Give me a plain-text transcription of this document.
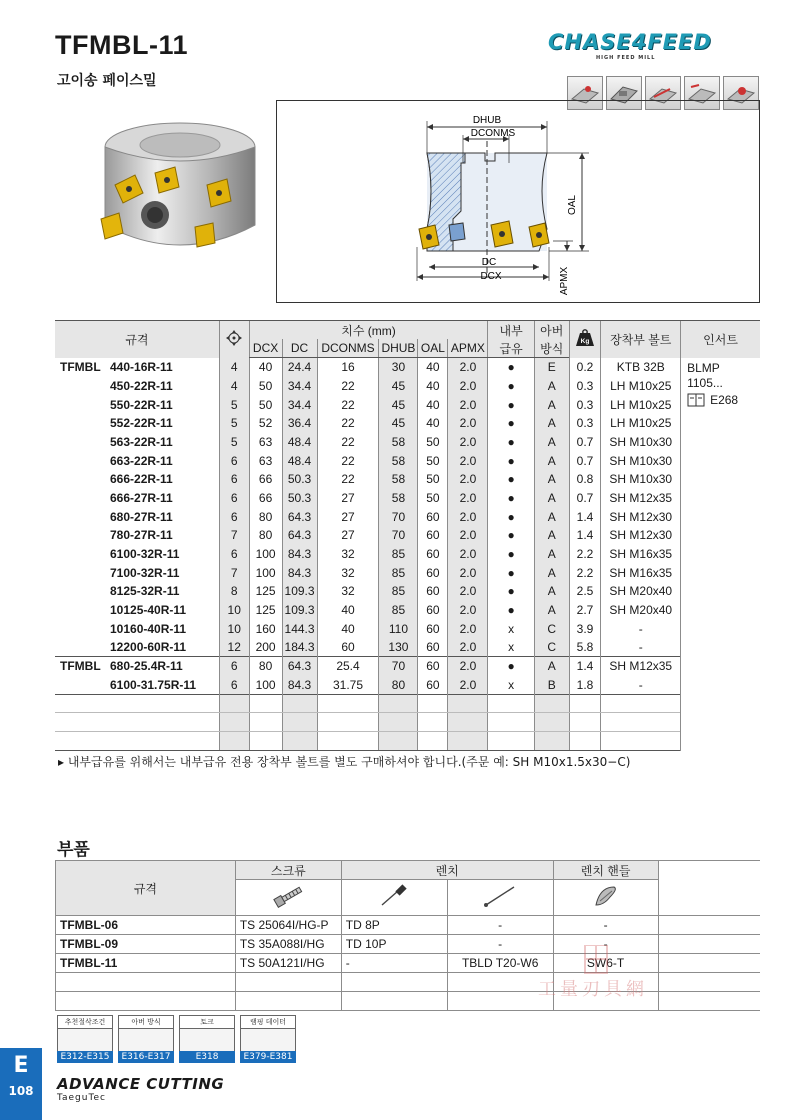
TFMBL-11
고이송 페이스밀
CHASE4FEED
HIGH FEED MILL
DHUB
DCONMS
OAL
DC
DCX	APMX
규격		치수 (mm)						내부	아버	Kg	장착부 볼트	인서트
		DCX	DC	DCONMS	DHUB	OAL	APMX	급유	방식			
TFMBL 440-16R-11	4	40	24.4	16	30	40	2.0	●	E	0.2	KTB 32B	BLMP
1105...
E268

450-22R-11	4	50	34.4	22	45	40	2.0	●	A	0.3	LH M10x25	
550-22R-11	5	50	34.4	22	45	40	2.0	●	A	0.3	LH M10x25	
552-22R-11	5	52	36.4	22	45	40	2.0	●	A	0.3	LH M10x25	
563-22R-11	5	63	48.4	22	58	50	2.0	●	A	0.7	SH M10x30	
663-22R-11	6	63	48.4	22	58	50	2.0	●	A	0.7	SH M10x30	
666-22R-11	6	66	50.3	22	58	50	2.0	●	A	0.8	SH M10x30	
666-27R-11	6	66	50.3	27	58	50	2.0	●	A	0.7	SH M12x35	
680-27R-11	6	80	64.3	27	70	60	2.0	●	A	1.4	SH M12x30	
780-27R-11	7	80	64.3	27	70	60	2.0	●	A	1.4	SH M12x30	
6100-32R-11	6	100	84.3	32	85	60	2.0	●	A	2.2	SH M16x35	
7100-32R-11	7	100	84.3	32	85	60	2.0	●	A	2.2	SH M16x35	
8125-32R-11	8	125	109.3	32	85	60	2.0	●	A	2.5	SH M20x40	
10125-40R-11	10	125	109.3	40	85	60	2.0	●	A	2.7	SH M20x40	
10160-40R-11	10	160	144.3	40	110	60	2.0	x	C	3.9	-	
12200-60R-11	12	200	184.3	60	130	60	2.0	x	C	5.8	-	
TFMBL 680-25.4R-11	6	80	64.3	25.4	70	60	2.0	●	A	1.4	SH M12x35	
6100-31.75R-11	6	100	84.3	31.75	80	60	2.0	x	B	1.8	-	

▸ 내부급유를 위해서는 내부급유 전용 장착부 볼트를 별도 구매하셔야 합니다.(주문 예: SH M10x1.5x30−C)
부품
규격	스크류	렌치		렌치 핸들	

TFMBL-06	TS 25064I/HG-P	TD 8P	-	-	
TFMBL-09	TS 35A088I/HG	TD 10P	-	-	
TFMBL-11	TS 50A121I/HG	-	TBLD T20-W6	SW6-T	

工量刃具網
추천절삭조건
E312-E315
아버 방식
E316-E317
토크
E318
램핑 데이터
E379-E381
E
108	ADVANCE CUTTING
TaeguTec
